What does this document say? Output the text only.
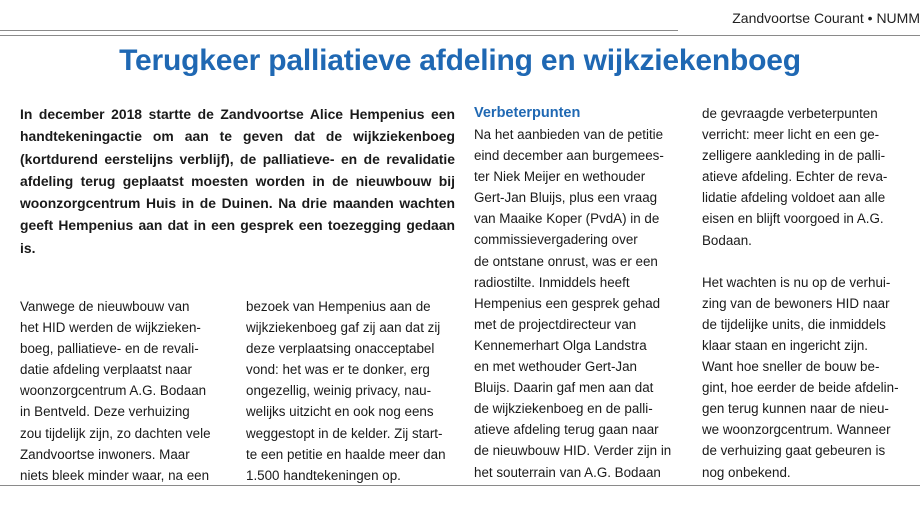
Zandvoortse Courant • NUMM
Terugkeer palliatieve afdeling en wijkziekenboeg

In december 2018 startte de Zandvoortse Alice Hempenius een handtekeningactie om aan te geven dat de wijkziekenboeg (kortdurend eerstelijns verblijf), de palliatieve- en de revalidatie afdeling terug geplaatst moesten worden in de nieuwbouw bij woonzorgcentrum Huis in de Duinen. Na drie maanden wachten geeft Hempenius aan dat in een gesprek een toezegging gedaan is.

Vanwege de nieuwbouw van
het HID werden de wijkzieken-
boeg, palliatieve- en de revali-
datie afdeling verplaatst naar
woonzorgcentrum A.G. Bodaan
in Bentveld. Deze verhuizing
zou tijdelijk zijn, zo dachten vele
Zandvoortse inwoners. Maar
niets bleek minder waar, na een

bezoek van Hempenius aan de
wijkziekenboeg gaf zij aan dat zij
deze verplaatsing onacceptabel
vond: het was er te donker, erg
ongezellig, weinig privacy, nau-
welijks uitzicht en ook nog eens
weggestopt in de kelder. Zij start-
te een petitie en haalde meer dan
1.500 handtekeningen op.

Verbeterpunten

Na het aanbieden van de petitie
eind december aan burgemees-
ter Niek Meijer en wethouder
Gert-Jan Bluijs, plus een vraag
van Maaike Koper (PvdA) in de
commissievergadering over
de ontstane onrust, was er een
radiostilte. Inmiddels heeft
Hempenius een gesprek gehad
met de projectdirecteur van
Kennemerhart Olga Landstra
en met wethouder Gert-Jan
Bluijs. Daarin gaf men aan dat
de wijkziekenboeg en de palli-
atieve afdeling terug gaan naar
de nieuwbouw HID. Verder zijn in
het souterrain van A.G. Bodaan

de gevraagde verbeterpunten
verricht: meer licht en een ge-
zelligere aankleding in de palli-
atieve afdeling. Echter de reva-
lidatie afdeling voldoet aan alle
eisen en blijft voorgoed in A.G.
Bodaan.

Het wachten is nu op de verhui-
zing van de bewoners HID naar
de tijdelijke units, die inmiddels
klaar staan en ingericht zijn.
Want hoe sneller de bouw be-
gint, hoe eerder de beide afdelin-
gen terug kunnen naar de nieu-
we woonzorgcentrum. Wanneer
de verhuizing gaat gebeuren is
nog onbekend.
